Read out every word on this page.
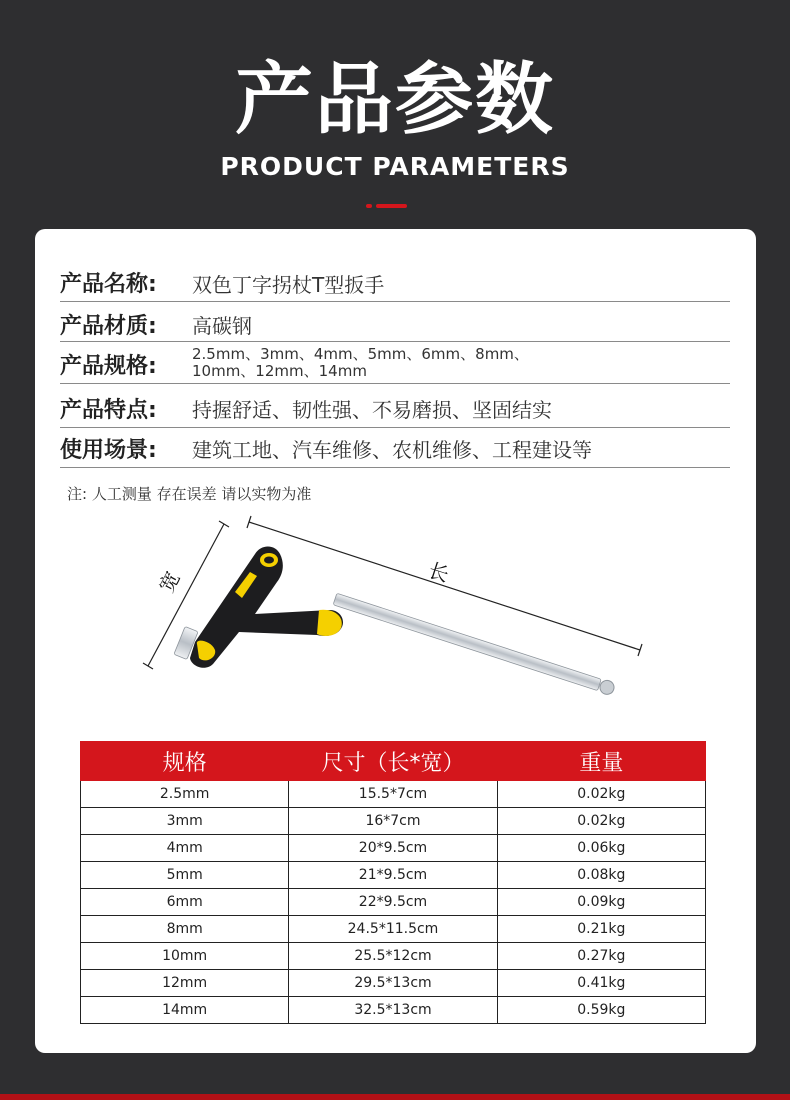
产品参数
PRODUCT PARAMETERS
产品名称: 双色丁字拐杖T型扳手
产品材质: 高碳钢
产品规格: 2.5mm、3mm、4mm、5mm、6mm、8mm、
10mm、12mm、14mm
产品特点: 持握舒适、韧性强、不易磨损、坚固结实
使用场景: 建筑工地、汽车维修、农机维修、工程建设等
注: 人工测量 存在误差 请以实物为准
宽	长
规格	尺寸（长*宽）	重量
2.5mm	15.5*7cm	0.02kg
3mm	16*7cm	0.02kg
4mm	20*9.5cm	0.06kg
5mm	21*9.5cm	0.08kg
6mm	22*9.5cm	0.09kg
8mm	24.5*11.5cm	0.21kg
10mm	25.5*12cm	0.27kg
12mm	29.5*13cm	0.41kg
14mm	32.5*13cm	0.59kg
